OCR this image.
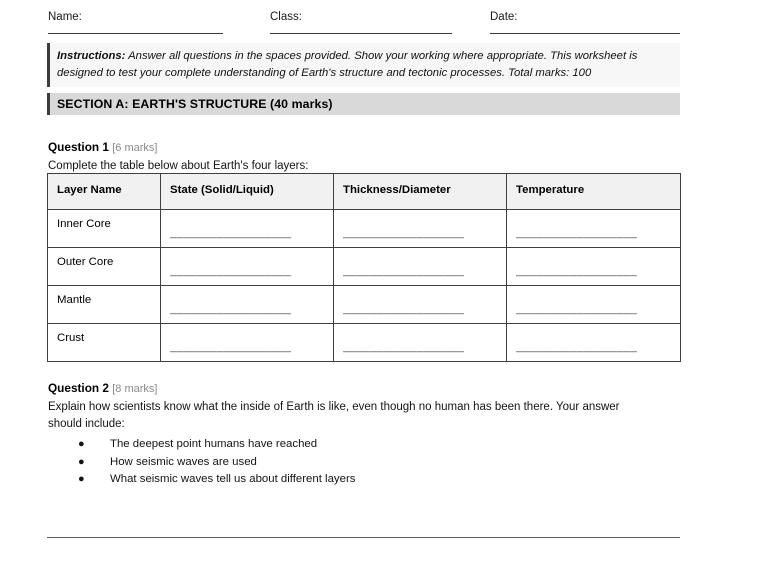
Name:	Class:	Date:

Instructions: Answer all questions in the spaces provided. Show your working where appropriate. This worksheet is designed to test your complete understanding of Earth's structure and tectonic processes. Total marks: 100

SECTION A: EARTH'S STRUCTURE (40 marks)
Question 1 [6 marks]
Complete the table below about Earth's four layers:
Layer Name	State (Solid/Liquid)	Thickness/Diameter	Temperature
Inner Core	__________________	__________________	__________________

Outer Core	__________________	__________________	__________________

Mantle	__________________	__________________	__________________

Crust	__________________	__________________	__________________
Question 2 [8 marks]
Explain how scientists know what the inside of Earth is like, even though no human has been there. Your answer should include:
● The deepest point humans have reached
● How seismic waves are used
● What seismic waves tell us about different layers
